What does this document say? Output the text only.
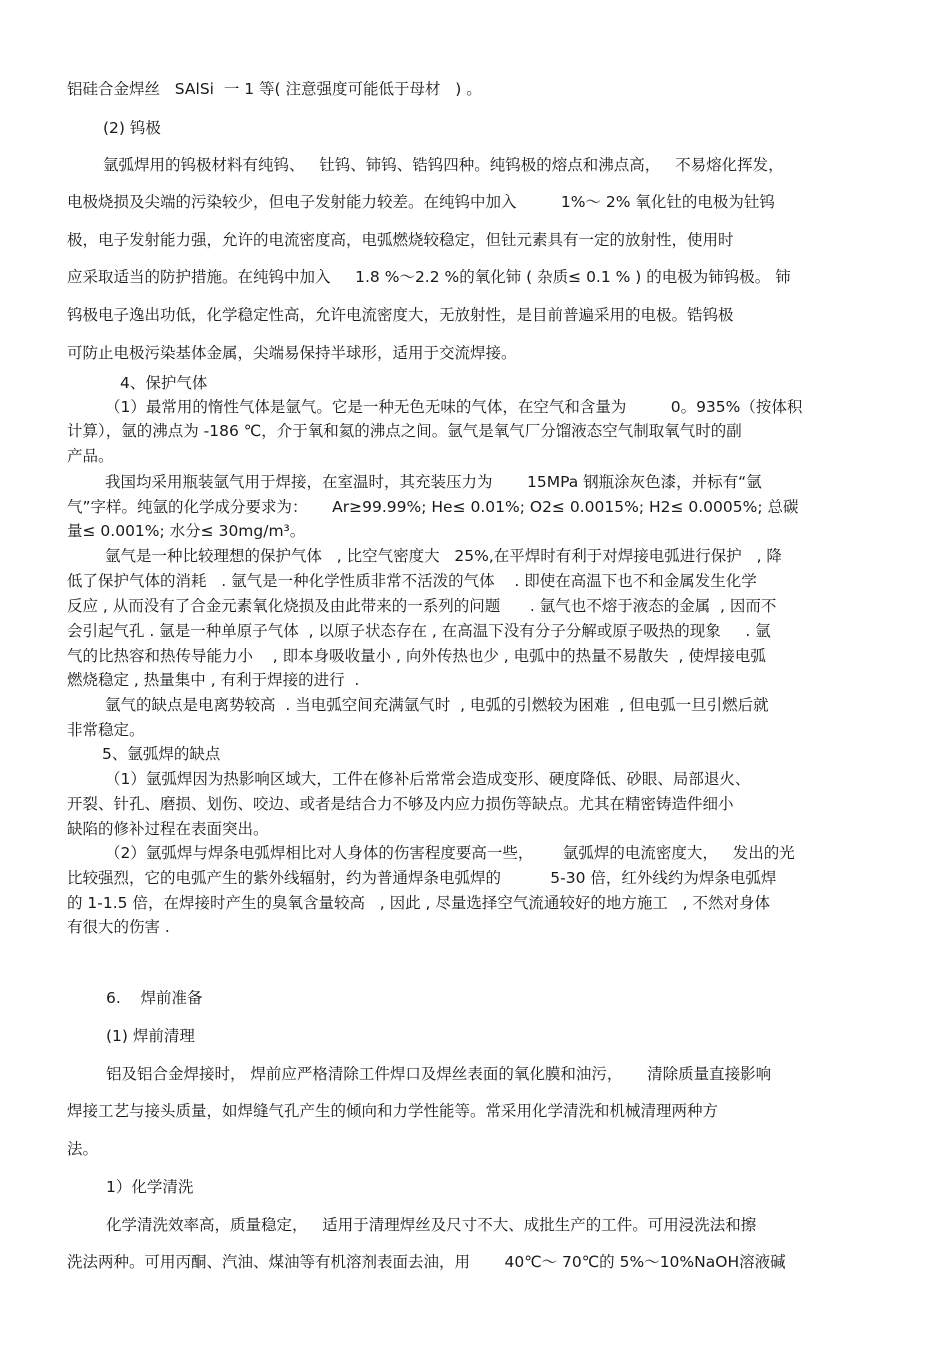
铝硅合金焊丝   SAlSi  一 1 等( 注意强度可能低于母材   ) 。
(2) 钨极
氩弧焊用的钨极材料有纯钨、   钍钨、铈钨、锆钨四种。纯钨极的熔点和沸点高，   不易熔化挥发，
电极烧损及尖端的污染较少，但电子发射能力较差。在纯钨中加入         1%～ 2% 氧化钍的电极为钍钨
极，电子发射能力强，允许的电流密度高，电弧燃烧较稳定，但钍元素具有一定的放射性，使用时
应采取适当的防护措施。在纯钨中加入     1.8 %～2.2 %的氧化铈 ( 杂质≤ 0.1 % ) 的电极为铈钨极。 铈
钨极电子逸出功低，化学稳定性高，允许电流密度大，无放射性，是目前普遍采用的电极。锆钨极
可防止电极污染基体金属，尖端易保持半球形，适用于交流焊接。
4、保护气体
（1）最常用的惰性气体是氩气。它是一种无色无味的气体，在空气和含量为         0。935%（按体积
计算），氩的沸点为 -186 ℃，介于氧和氦的沸点之间。氩气是氧气厂分馏液态空气制取氧气时的副
产品。
我国均采用瓶装氩气用于焊接，在室温时，其充装压力为       15MPa 钢瓶涂灰色漆，并标有“氩
气”字样。纯氩的化学成分要求为：     Ar≥99.99%; He≤ 0.01%; O2≤ 0.0015%; H2≤ 0.0005%; 总碳
量≤ 0.001%; 水分≤ 30mg/m³。
氩气是一种比较理想的保护气体   , 比空气密度大   25%,在平焊时有利于对焊接电弧进行保护   , 降
低了保护气体的消耗   . 氩气是一种化学性质非常不活泼的气体    . 即使在高温下也不和金属发生化学
反应 , 从而没有了合金元素氧化烧损及由此带来的一系列的问题      . 氩气也不熔于液态的金属  , 因而不
会引起气孔 . 氩是一种单原子气体  , 以原子状态存在 , 在高温下没有分子分解或原子吸热的现象     . 氩
气的比热容和热传导能力小    , 即本身吸收量小 , 向外传热也少 , 电弧中的热量不易散失  , 使焊接电弧
燃烧稳定 , 热量集中 , 有利于焊接的进行  .
氩气的缺点是电离势较高  . 当电弧空间充满氩气时  , 电弧的引燃较为困难  , 但电弧一旦引燃后就
非常稳定。
5、氩弧焊的缺点
（1）氩弧焊因为热影响区域大，工件在修补后常常会造成变形、硬度降低、砂眼、局部退火、
开裂、针孔、磨损、划伤、咬边、或者是结合力不够及内应力损伤等缺点。尤其在精密铸造件细小
缺陷的修补过程在表面突出。
（2）氩弧焊与焊条电弧焊相比对人身体的伤害程度要高一些，      氩弧焊的电流密度大，   发出的光
比较强烈，它的电弧产生的紫外线辐射，约为普通焊条电弧焊的          5-30 倍，红外线约为焊条电弧焊
的 1-1.5 倍，在焊接时产生的臭氧含量较高   , 因此 , 尽量选择空气流通较好的地方施工   , 不然对身体
有很大的伤害 .
6.    焊前准备
(1) 焊前清理
铝及铝合金焊接时， 焊前应严格清除工件焊口及焊丝表面的氧化膜和油污，     清除质量直接影响
焊接工艺与接头质量，如焊缝气孔产生的倾向和力学性能等。常采用化学清洗和机械清理两种方
法。
1）化学清洗
化学清洗效率高，质量稳定，   适用于清理焊丝及尺寸不大、成批生产的工件。可用浸洗法和擦
洗法两种。可用丙酮、汽油、煤油等有机溶剂表面去油，用       40℃～ 70℃的 5%～10%NaOH溶液碱
